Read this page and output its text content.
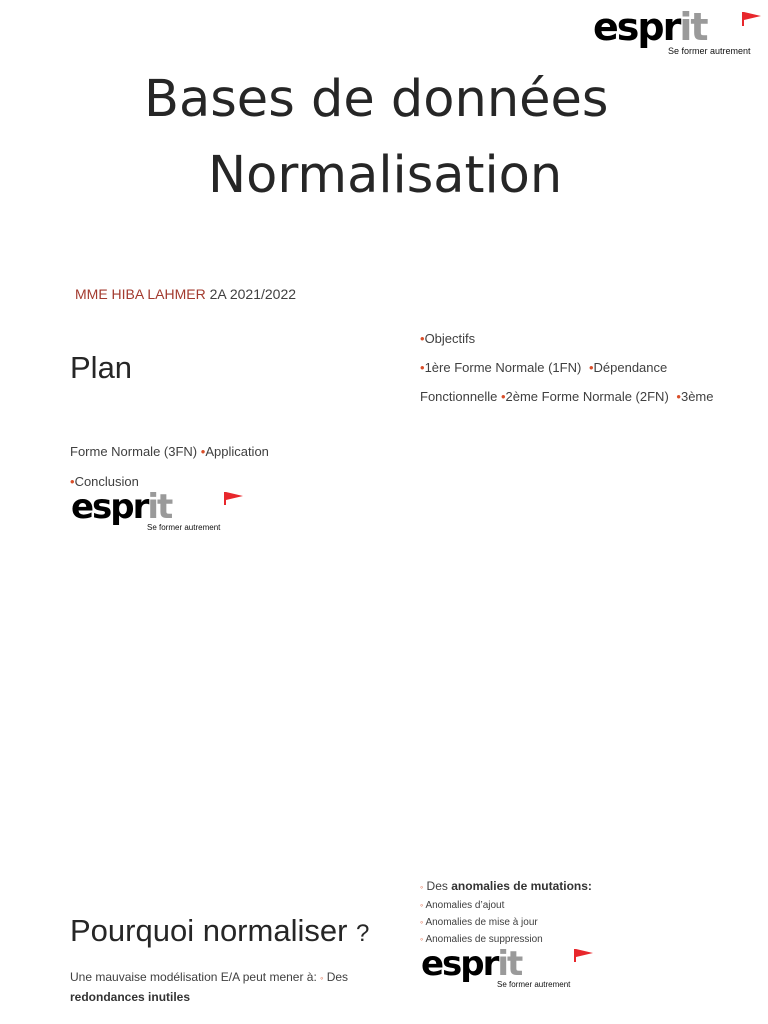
esprit
Se former autrement
Bases de données
Normalisation
MME HIBA LAHMER 2A 2021/2022
Plan
•Objectifs
•1ère Forme Normale (1FN) •Dépendance
Fonctionnelle •2ème Forme Normale (2FN) •3ème
Forme Normale (3FN) •Application
•Conclusion
esprit
Se former autrement
◦ Des anomalies de mutations:
◦ Anomalies d’ajout
◦ Anomalies de mise à jour
◦ Anomalies de suppression
Pourquoi normaliser ?
esprit
Se former autrement
Une mauvaise modélisation E/A peut mener à: ◦ Des
redondances inutiles
